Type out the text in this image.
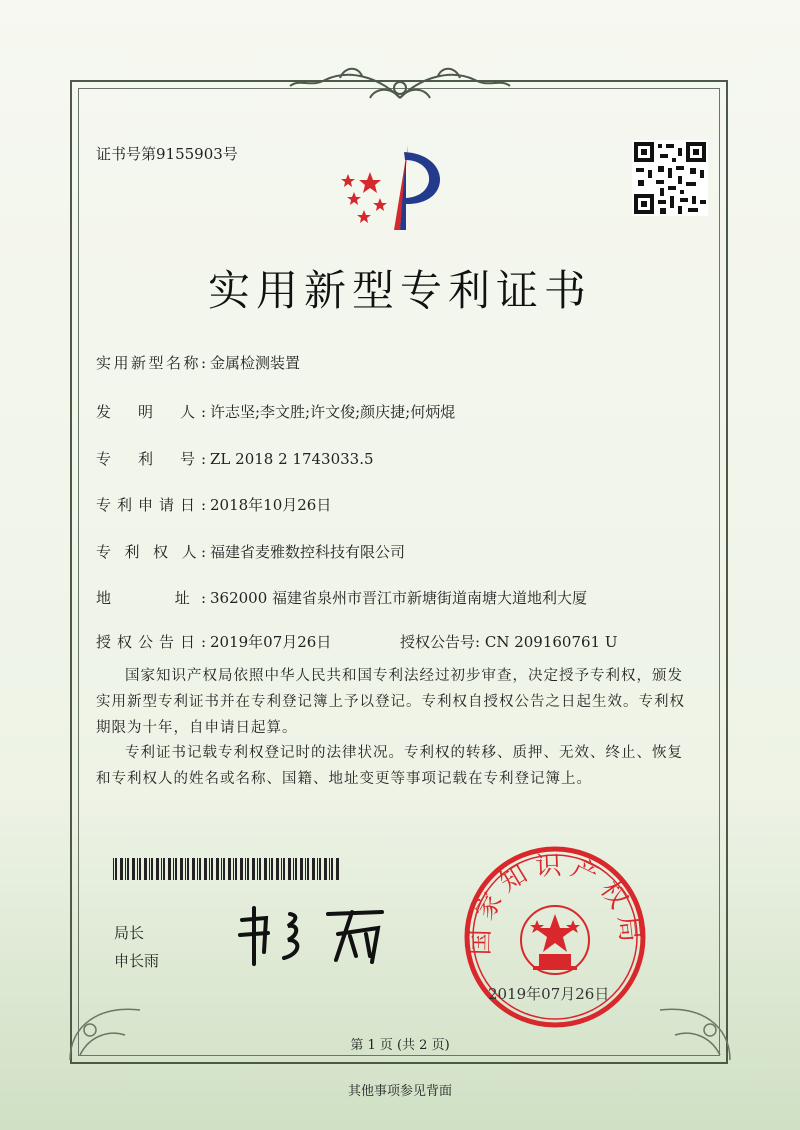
证书号第9155903号
实用新型专利证书
实用新型名称: 金属检测装置
发　明　人: 许志坚;李文胜;许文俊;颜庆捷;何炳焜
专　利　号: ZL 2018 2 1743033.5
专利申请日: 2018年10月26日
专 利 权 人: 福建省麦雅数控科技有限公司
地　　址: 362000 福建省泉州市晋江市新塘街道南塘大道地利大厦
授权公告日: 2019年07月26日	授权公告号: CN 209160761 U
国家知识产权局依照中华人民共和国专利法经过初步审查，决定授予专利权，颁发实用新型专利证书并在专利登记簿上予以登记。专利权自授权公告之日起生效。专利权期限为十年，自申请日起算。
专利证书记载专利权登记时的法律状况。专利权的转移、质押、无效、终止、恢复和专利权人的姓名或名称、国籍、地址变更等事项记载在专利登记簿上。
局长
申长雨
国家知识产权局
2019年07月26日
第 1 页 (共 2 页)
其他事项参见背面
